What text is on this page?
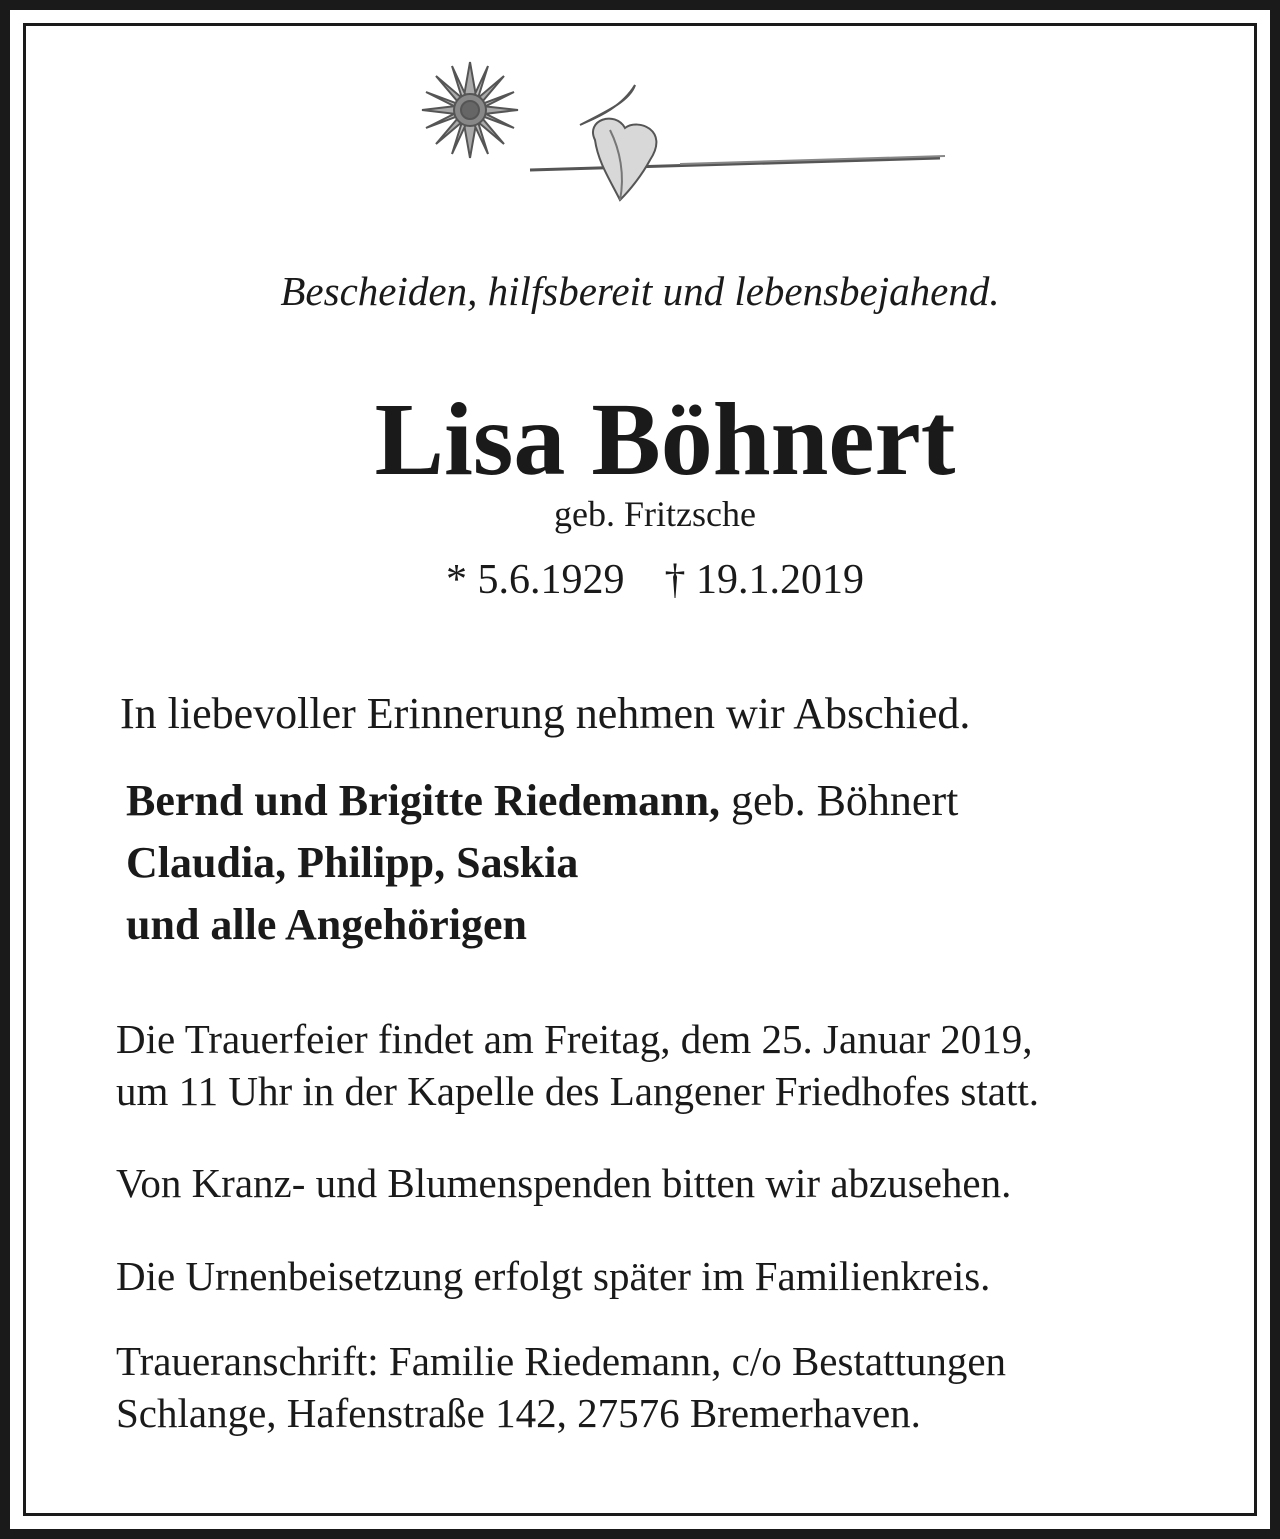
Bescheiden, hilfsbereit und lebensbejahend.
Lisa Böhnert
geb. Fritzsche
* 5.6.1929 † 19.1.2019
In liebevoller Erinnerung nehmen wir Abschied.
Bernd und Brigitte Riedemann, geb. Böhnert
Claudia, Philipp, Saskia
und alle Angehörigen
Die Trauerfeier findet am Freitag, dem 25. Januar 2019,
um 11 Uhr in der Kapelle des Langener Friedhofes statt.
Von Kranz- und Blumenspenden bitten wir abzusehen.
Die Urnenbeisetzung erfolgt später im Familienkreis.
Traueranschrift: Familie Riedemann, c/o Bestattungen
Schlange, Hafenstraße 142, 27576 Bremerhaven.
